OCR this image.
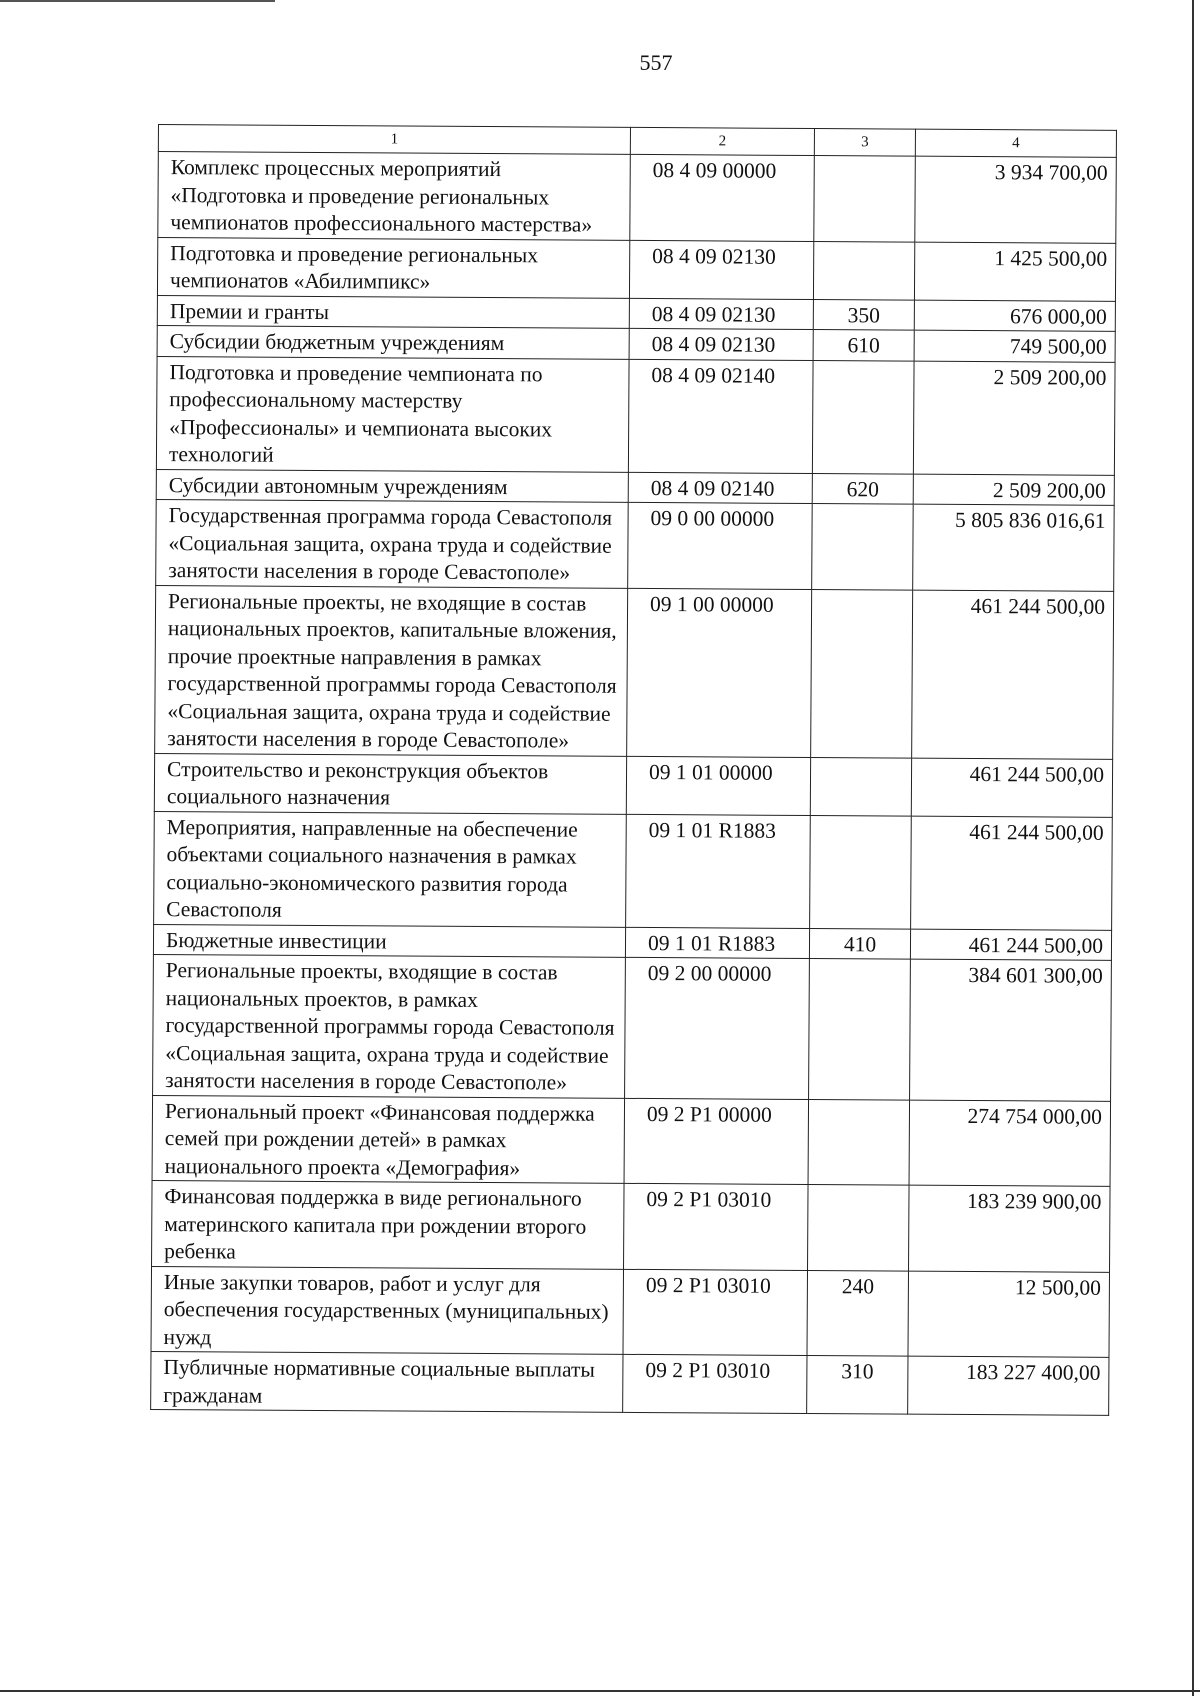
557
1	2	3	4
Комплекс процессных мероприятий «Подготовка и проведение региональных чемпионатов профессионального мастерства»	08 4 09 00000		3 934 700,00
Подготовка и проведение региональных чемпионатов «Абилимпикс»	08 4 09 02130		1 425 500,00
Премии и гранты	08 4 09 02130	350	676 000,00
Субсидии бюджетным учреждениям	08 4 09 02130	610	749 500,00
Подготовка и проведение чемпионата по профессиональному мастерству «Профессионалы» и чемпионата высоких технологий	08 4 09 02140		2 509 200,00
Субсидии автономным учреждениям	08 4 09 02140	620	2 509 200,00
Государственная программа города Севастополя «Социальная защита, охрана труда и содействие занятости населения в городе Севастополе»	09 0 00 00000		5 805 836 016,61
Региональные проекты, не входящие в состав национальных проектов, капитальные вложения, прочие проектные направления в рамках государственной программы города Севастополя «Социальная защита, охрана труда и содействие занятости населения в городе Севастополе»	09 1 00 00000		461 244 500,00
Строительство и реконструкция объектов социального назначения	09 1 01 00000		461 244 500,00
Мероприятия, направленные на обеспечение объектами социального назначения в рамках социально-экономического развития города Севастополя	09 1 01 R1883		461 244 500,00
Бюджетные инвестиции	09 1 01 R1883	410	461 244 500,00
Региональные проекты, входящие в состав национальных проектов, в рамках государственной программы города Севастополя «Социальная защита, охрана труда и содействие занятости населения в городе Севастополе»	09 2 00 00000		384 601 300,00
Региональный проект «Финансовая поддержка семей при рождении детей» в рамках национального проекта «Демография»	09 2 P1 00000		274 754 000,00
Финансовая поддержка в виде регионального материнского капитала при рождении второго ребенка	09 2 P1 03010		183 239 900,00
Иные закупки товаров, работ и услуг для обеспечения государственных (муниципальных) нужд	09 2 P1 03010	240	12 500,00
Публичные нормативные социальные выплаты гражданам	09 2 P1 03010	310	183 227 400,00
